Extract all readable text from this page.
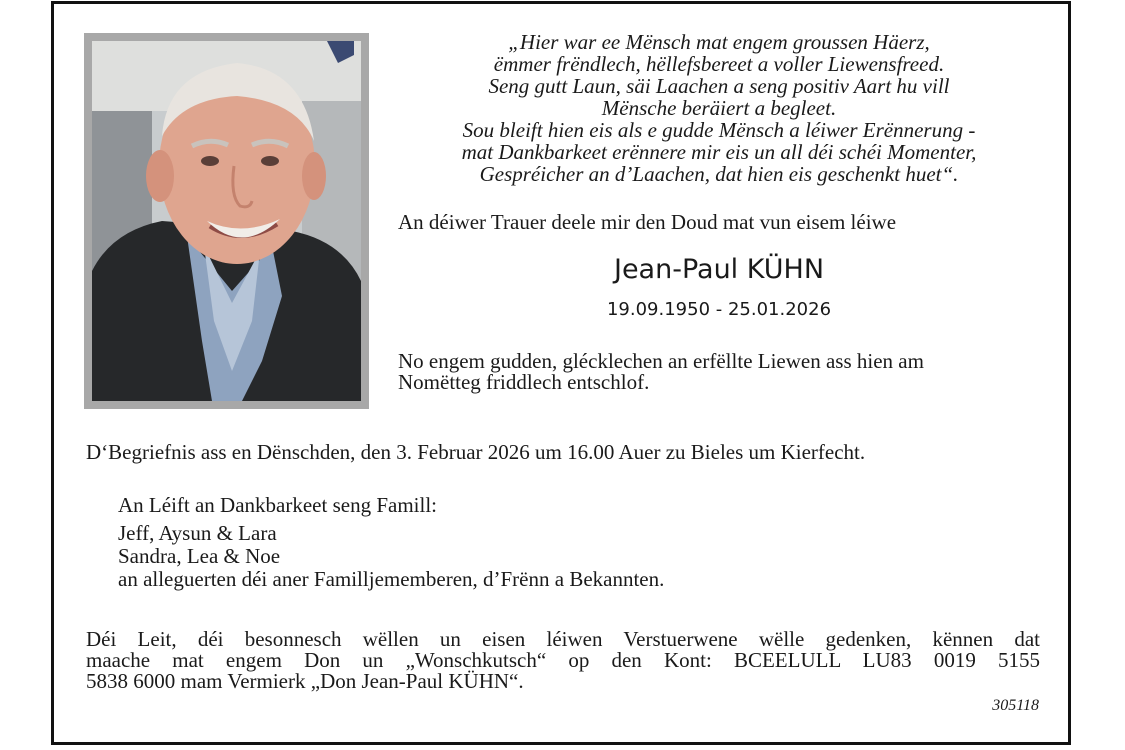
„Hier war ee Mënsch mat engem groussen Häerz,
ëmmer frëndlech, hëllefsbereet a voller Liewensfreed.
Seng gutt Laun, säi Laachen a seng positiv Aart hu vill
Mënsche beräiert a begleet.
Sou bleift hien eis als e gudde Mënsch a léiwer Erënnerung -
mat Dankbarkeet erënnere mir eis un all déi schéi Momenter,
Gespréicher an d’Laachen, dat hien eis geschenkt huet“.
An déiwer Trauer deele mir den Doud mat vun eisem léiwe
Jean-Paul KÜHN
19.09.1950 - 25.01.2026
No engem gudden, glécklechen an erfëllte Liewen ass hien am
Nomëtteg friddlech entschlof.
D‘Begriefnis ass en Dënschden, den 3. Februar 2026 um 16.00 Auer zu Bieles um Kierfecht.
An Léift an Dankbarkeet seng Famill:
Jeff, Aysun & Lara
Sandra, Lea & Noe
an alleguerten déi aner Familljememberen, d’Frënn a Bekannten.
Déi Leit, déi besonnesch wëllen un eisen léiwen Verstuerwene wëlle gedenken, kënnen dat
maache mat engem Don un „Wonschkutsch“ op den Kont: BCEELULL LU83 0019 5155
5838 6000 mam Vermierk „Don Jean-Paul KÜHN“.
305118
